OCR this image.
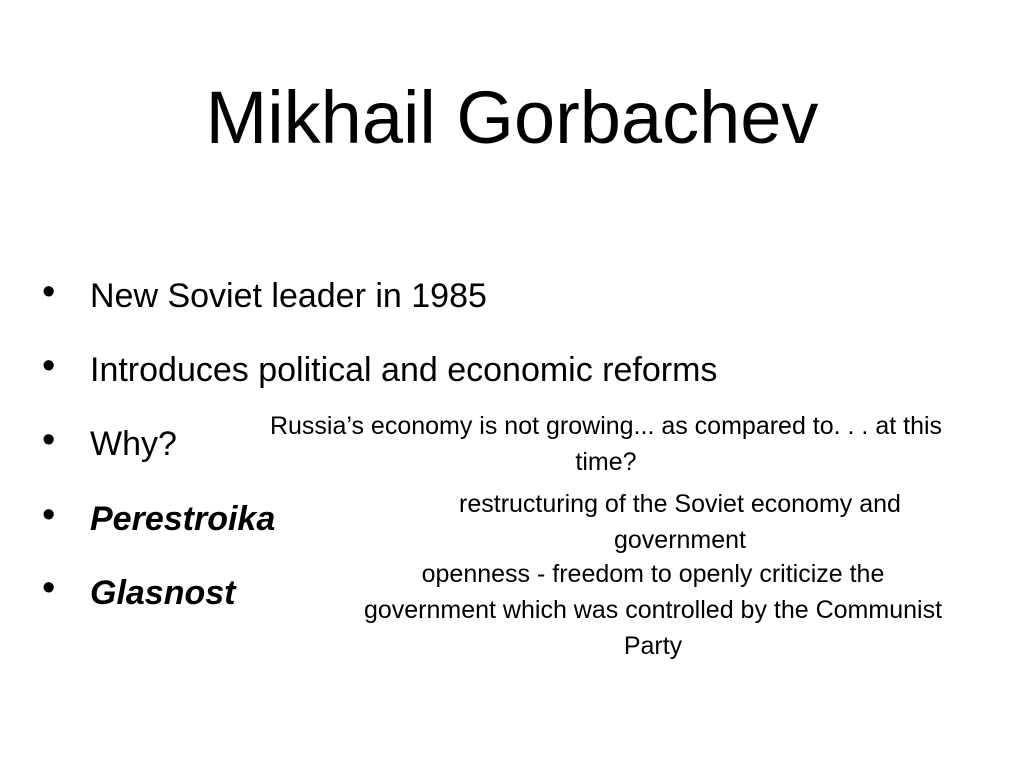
Mikhail Gorbachev
• New Soviet leader in 1985
• Introduces political and economic reforms
• Why?
• Perestroika
• Glasnost
Russia’s economy is not growing... as compared to. . . at this
time?
restructuring of the Soviet economy and
government
openness - freedom to openly criticize the
government which was controlled by the Communist
Party
